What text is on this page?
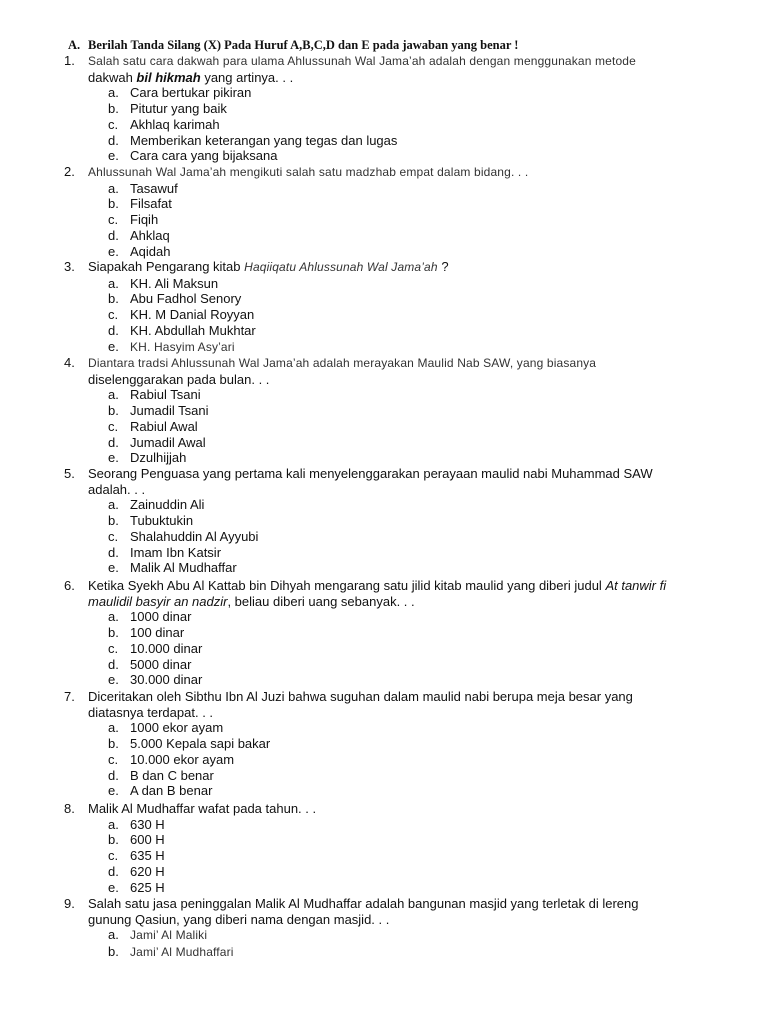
A. Berilah Tanda Silang (X) Pada Huruf A,B,C,D dan E pada jawaban yang benar !
1.	Salah satu cara dakwah para ulama Ahlussunah Wal Jama’ah adalah dengan menggunakan metode
dakwah bil hikmah yang artinya. . .
a. Cara bertukar pikiran
b. Pitutur yang baik
c. Akhlaq karimah
d. Memberikan keterangan yang tegas dan lugas
e. Cara cara yang bijaksana
2.	Ahlussunah Wal Jama’ah mengikuti salah satu madzhab empat dalam bidang. . .
a. Tasawuf
b. Filsafat
c. Fiqih
d. Ahklaq
e. Aqidah
3.	Siapakah Pengarang kitab Haqiiqatu Ahlussunah Wal Jama’ah ?
a. KH. Ali Maksun
b. Abu Fadhol Senory
c. KH. M Danial Royyan
d. KH. Abdullah Mukhtar
e. KH. Hasyim Asy’ari
4.	Diantara tradsi Ahlussunah Wal Jama’ah adalah merayakan Maulid Nab SAW, yang biasanya
diselenggarakan pada bulan. . .
a. Rabiul Tsani
b. Jumadil Tsani
c. Rabiul Awal
d. Jumadil Awal
e. Dzulhijjah
5.	Seorang Penguasa yang pertama kali menyelenggarakan perayaan maulid nabi Muhammad SAW
adalah. . .
a. Zainuddin Ali
b. Tubuktukin
c. Shalahuddin Al Ayyubi
d. Imam Ibn Katsir
e. Malik Al Mudhaffar
6.	Ketika Syekh Abu Al Kattab bin Dihyah mengarang satu jilid kitab maulid yang diberi judul At tanwir fi
maulidil basyir an nadzir, beliau diberi uang sebanyak. . .
a. 1000 dinar
b. 100 dinar
c. 10.000 dinar
d. 5000 dinar
e. 30.000 dinar
7.	Diceritakan oleh Sibthu Ibn Al Juzi bahwa suguhan dalam maulid nabi berupa meja besar yang
diatasnya terdapat. . .
a. 1000 ekor ayam
b. 5.000 Kepala sapi bakar
c. 10.000 ekor ayam
d. B dan C benar
e. A dan B benar
8.	Malik Al Mudhaffar wafat pada tahun. . .
a. 630 H
b. 600 H
c. 635 H
d. 620 H
e. 625 H
9.	Salah satu jasa peninggalan Malik Al Mudhaffar adalah bangunan masjid yang terletak di lereng
gunung Qasiun, yang diberi nama dengan masjid. . .
a. Jami’ Al Maliki
b. Jami’ Al Mudhaffari
